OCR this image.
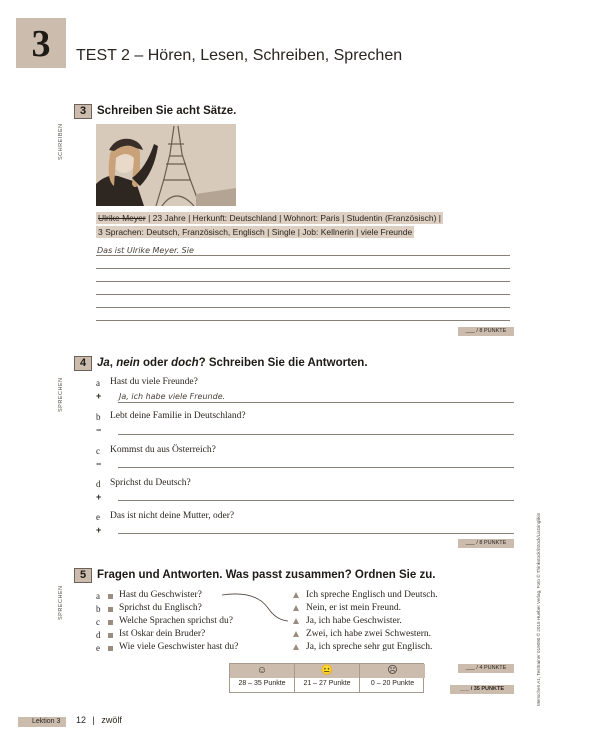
3	TEST 2 – Hören, Lesen, Schreiben, Sprechen
SCHREIBEN
SPRECHEN
SPRECHEN
3 Schreiben Sie acht Sätze.
Ulrike Meyer | 23 Jahre | Herkunft: Deutschland | Wohnort: Paris | Studentin (Französisch) |
3 Sprachen: Deutsch, Französisch, Englisch | Single | Job: Kellnerin | viele Freunde
Das ist Ulrike Meyer. Sie
___ / 8 PUNKTE
4 Ja, nein oder doch? Schreiben Sie die Antworten.
a Hast du viele Freunde?
+ Ja, ich habe viele Freunde.
b Lebt deine Familie in Deutschland?
−
c Kommst du aus Österreich?
−
d Sprichst du Deutsch?
+
e Das ist nicht deine Mutter, oder?
+
___ / 8 PUNKTE
5 Fragen und Antworten. Was passt zusammen? Ordnen Sie zu.
a Hast du Geschwister?
b Sprichst du Englisch?
c Welche Sprachen sprichst du?
d Ist Oskar dein Bruder?
e Wie viele Geschwister hast du?
Ich spreche Englisch und Deutsch.
Nein, er ist mein Freund.
Ja, ich habe Geschwister.
Zwei, ich habe zwei Schwestern.
Ja, ich spreche sehr gut Englisch.
___ / 4 PUNKTE
☺
28 – 35 Punkte
😐
21 – 27 Punkte
☹
0 – 20 Punkte
___ / 35 PUNKTE
Lektion 3	12 | zwölf
Menschen A1, Testtrainer 019090 © 2015 Hueber Verlag, Foto © Thinkstock/iStock/LizGinglikin
